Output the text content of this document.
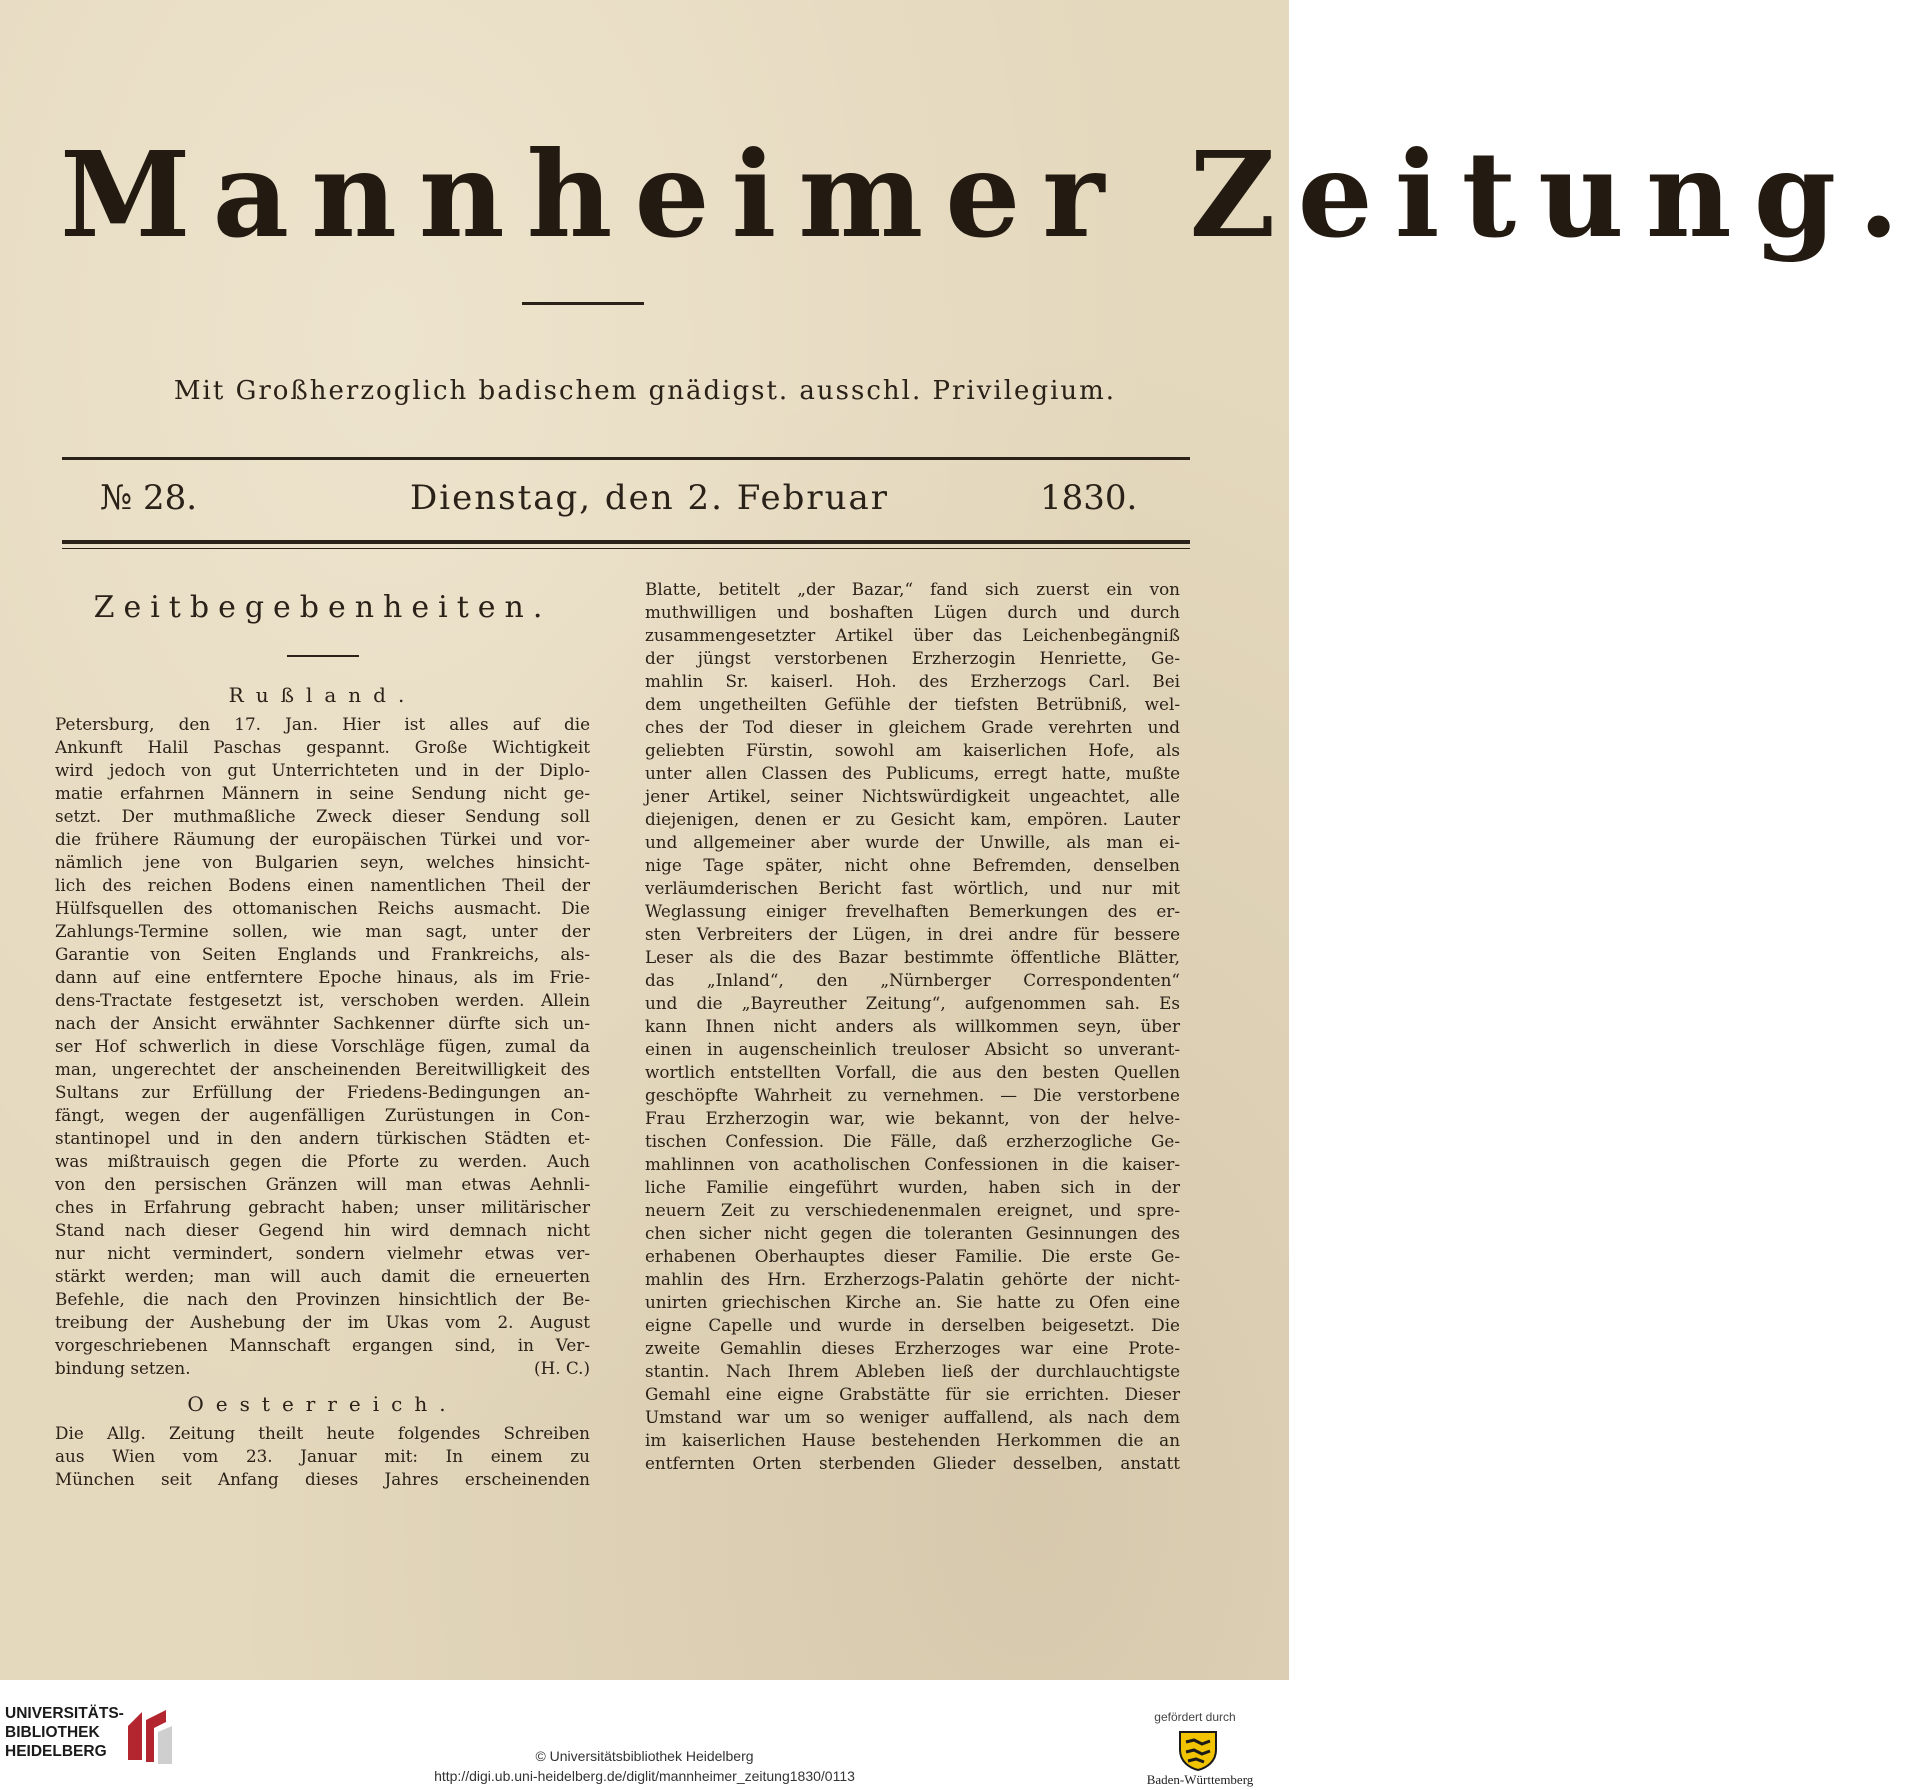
Mannheimer Zeitung.
Mit Großherzoglich badischem gnädigst. ausschl. Privilegium.
№ 28.	Dienstag, den 2. Februar	1830.
Zeitbegebenheiten.
Rußland.
Petersburg, den 17. Jan. Hier ist alles auf die
Ankunft Halil Paschas gespannt. Große Wichtigkeit
wird jedoch von gut Unterrichteten und in der Diplo-
matie erfahrnen Männern in seine Sendung nicht ge-
setzt. Der muthmaßliche Zweck dieser Sendung soll
die frühere Räumung der europäischen Türkei und vor-
nämlich jene von Bulgarien seyn, welches hinsicht-
lich des reichen Bodens einen namentlichen Theil der
Hülfsquellen des ottomanischen Reichs ausmacht. Die
Zahlungs-Termine sollen, wie man sagt, unter der
Garantie von Seiten Englands und Frankreichs, als-
dann auf eine entferntere Epoche hinaus, als im Frie-
dens-Tractate festgesetzt ist, verschoben werden. Allein
nach der Ansicht erwähnter Sachkenner dürfte sich un-
ser Hof schwerlich in diese Vorschläge fügen, zumal da
man, ungerechtet der anscheinenden Bereitwilligkeit des
Sultans zur Erfüllung der Friedens-Bedingungen an-
fängt, wegen der augenfälligen Zurüstungen in Con-
stantinopel und in den andern türkischen Städten et-
was mißtrauisch gegen die Pforte zu werden. Auch
von den persischen Gränzen will man etwas Aehnli-
ches in Erfahrung gebracht haben; unser militärischer
Stand nach dieser Gegend hin wird demnach nicht
nur nicht vermindert, sondern vielmehr etwas ver-
stärkt werden; man will auch damit die erneuerten
Befehle, die nach den Provinzen hinsichtlich der Be-
treibung der Aushebung der im Ukas vom 2. August
vorgeschriebenen Mannschaft ergangen sind, in Ver-
bindung setzen.	(H. C.)
Oesterreich.
Die Allg. Zeitung theilt heute folgendes Schreiben
aus Wien vom 23. Januar mit: In einem zu
München seit Anfang dieses Jahres erscheinenden
Blatte, betitelt „der Bazar,“ fand sich zuerst ein von
muthwilligen und boshaften Lügen durch und durch
zusammengesetzter Artikel über das Leichenbegängniß
der jüngst verstorbenen Erzherzogin Henriette, Ge-
mahlin Sr. kaiserl. Hoh. des Erzherzogs Carl. Bei
dem ungetheilten Gefühle der tiefsten Betrübniß, wel-
ches der Tod dieser in gleichem Grade verehrten und
geliebten Fürstin, sowohl am kaiserlichen Hofe, als
unter allen Classen des Publicums, erregt hatte, mußte
jener Artikel, seiner Nichtswürdigkeit ungeachtet, alle
diejenigen, denen er zu Gesicht kam, empören. Lauter
und allgemeiner aber wurde der Unwille, als man ei-
nige Tage später, nicht ohne Befremden, denselben
verläumderischen Bericht fast wörtlich, und nur mit
Weglassung einiger frevelhaften Bemerkungen des er-
sten Verbreiters der Lügen, in drei andre für bessere
Leser als die des Bazar bestimmte öffentliche Blätter,
das „Inland“, den „Nürnberger Correspondenten“
und die „Bayreuther Zeitung“, aufgenommen sah. Es
kann Ihnen nicht anders als willkommen seyn, über
einen in augenscheinlich treuloser Absicht so unverant-
wortlich entstellten Vorfall, die aus den besten Quellen
geschöpfte Wahrheit zu vernehmen. — Die verstorbene
Frau Erzherzogin war, wie bekannt, von der helve-
tischen Confession. Die Fälle, daß erzherzogliche Ge-
mahlinnen von acatholischen Confessionen in die kaiser-
liche Familie eingeführt wurden, haben sich in der
neuern Zeit zu verschiedenenmalen ereignet, und spre-
chen sicher nicht gegen die toleranten Gesinnungen des
erhabenen Oberhauptes dieser Familie. Die erste Ge-
mahlin des Hrn. Erzherzogs-Palatin gehörte der nicht-
unirten griechischen Kirche an. Sie hatte zu Ofen eine
eigne Capelle und wurde in derselben beigesetzt. Die
zweite Gemahlin dieses Erzherzoges war eine Prote-
stantin. Nach Ihrem Ableben ließ der durchlauchtigste
Gemahl eine eigne Grabstätte für sie errichten. Dieser
Umstand war um so weniger auffallend, als nach dem
im kaiserlichen Hause bestehenden Herkommen die an
entfernten Orten sterbenden Glieder desselben, anstatt
UNIVERSITÄTS-
BIBLIOTHEK
HEIDELBERG	© Universitätsbibliothek Heidelberg
http://digi.ub.uni-heidelberg.de/diglit/mannheimer_zeitung1830/0113
gefördert durch
Baden-Württemberg
